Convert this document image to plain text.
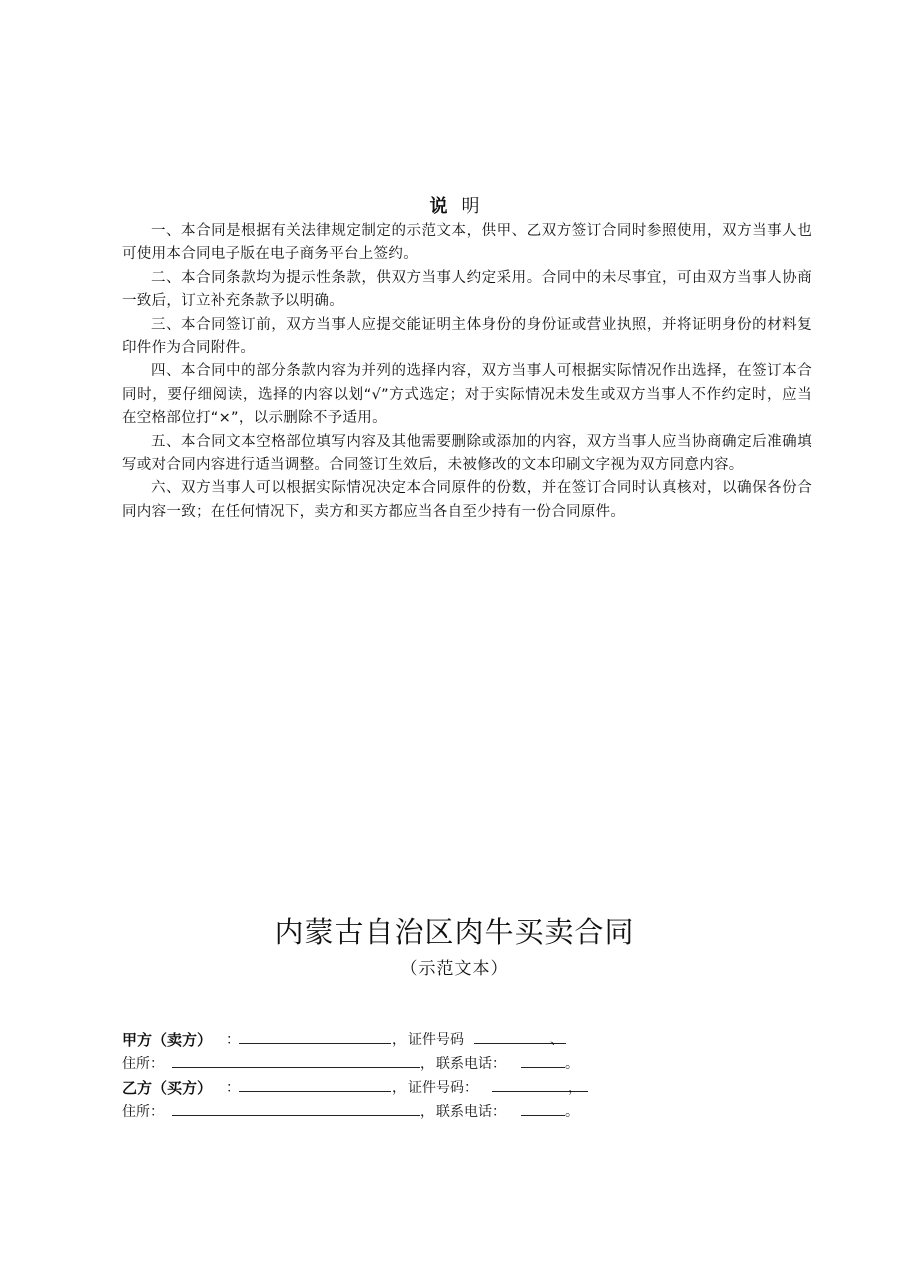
说 明

一、本合同是根据有关法律规定制定的示范文本，供甲、乙双方签订合同时参照使用，双方当事人也可使用本合同电子版在电子商务平台上签约。

二、本合同条款均为提示性条款，供双方当事人约定采用。合同中的未尽事宜，可由双方当事人协商一致后，订立补充条款予以明确。

三、本合同签订前，双方当事人应提交能证明主体身份的身份证或营业执照，并将证明身份的材料复印件作为合同附件。

四、本合同中的部分条款内容为并列的选择内容，双方当事人可根据实际情况作出选择，在签订本合同时，要仔细阅读，选择的内容以划“√”方式选定；对于实际情况未发生或双方当事人不作约定时，应当在空格部位打“×”，以示删除不予适用。

五、本合同文本空格部位填写内容及其他需要删除或添加的内容，双方当事人应当协商确定后准确填写或对合同内容进行适当调整。合同签订生效后，未被修改的文本印刷文字视为双方同意内容。

六、双方当事人可以根据实际情况决定本合同原件的份数，并在签订合同时认真核对，以确保各份合同内容一致；在任何情况下，卖方和买方都应当各自至少持有一份合同原件。

内蒙古自治区肉牛买卖合同
（示范文本）
甲方（卖方） ：	， 证件号码	、
住所：	， 联系电话：	。
乙方（买方） ：	， 证件号码：	，
住所：	， 联系电话：	。
